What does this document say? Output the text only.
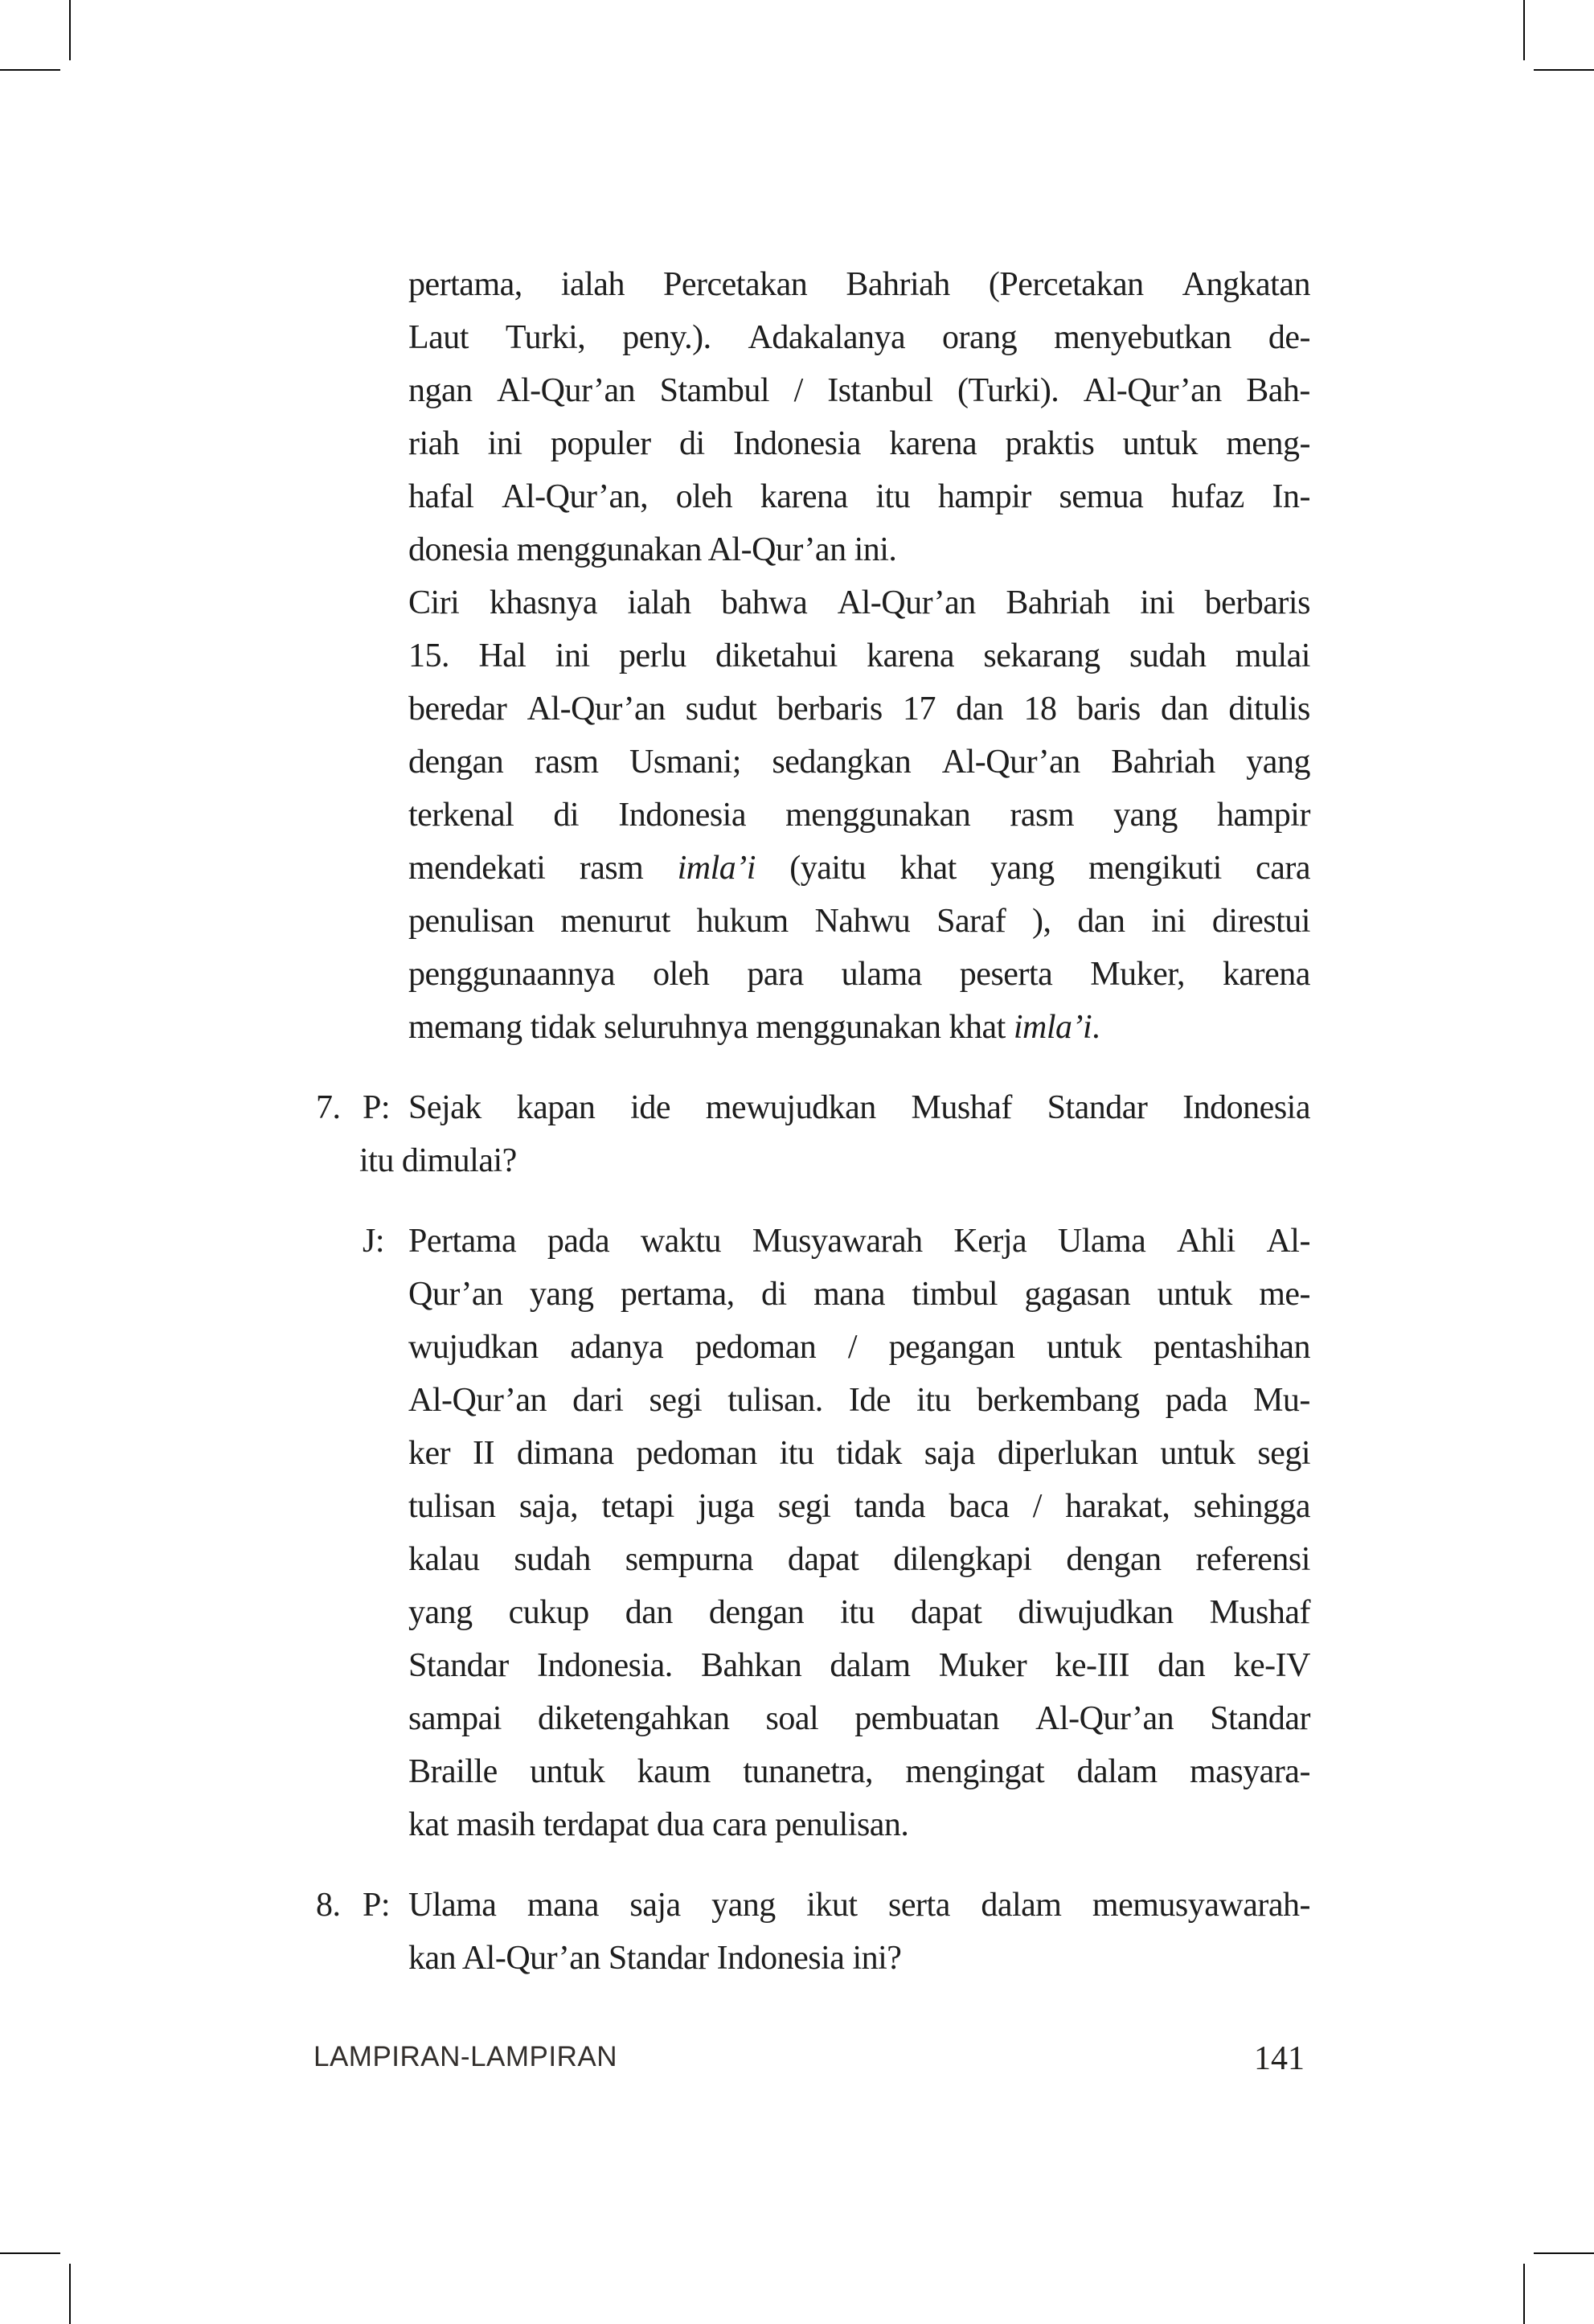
pertama, ialah Percetakan Bahriah (Percetakan Angkatan
Laut Turki, peny.). Adakalanya orang menyebutkan de-
ngan Al-Qur’an Stambul / Istanbul (Turki). Al-Qur’an Bah-
riah ini populer di Indonesia karena praktis untuk meng-
hafal Al-Qur’an, oleh karena itu hampir semua hufaz In-
donesia menggunakan Al-Qur’an ini.
Ciri khasnya ialah bahwa Al-Qur’an Bahriah ini berbaris
15. Hal ini perlu diketahui karena sekarang sudah mulai
beredar Al-Qur’an sudut berbaris 17 dan 18 baris dan ditulis
dengan rasm Usmani; sedangkan Al-Qur’an Bahriah yang
terkenal di Indonesia menggunakan rasm yang hampir
mendekati rasm imla’i (yaitu khat yang mengikuti cara
penulisan menurut hukum Nahwu Saraf ), dan ini direstui
penggunaannya oleh para ulama peserta Muker, karena
memang tidak seluruhnya menggunakan khat imla’i.
7. P: Sejak kapan ide mewujudkan Mushaf Standar Indonesia
itu dimulai?
J: Pertama pada waktu Musyawarah Kerja Ulama Ahli Al-
Qur’an yang pertama, di mana timbul gagasan untuk me-
wujudkan adanya pedoman / pegangan untuk pentashihan
Al-Qur’an dari segi tulisan. Ide itu berkembang pada Mu-
ker II dimana pedoman itu tidak saja diperlukan untuk segi
tulisan saja, tetapi juga segi tanda baca / harakat, sehingga
kalau sudah sempurna dapat dilengkapi dengan referensi
yang cukup dan dengan itu dapat diwujudkan Mushaf
Standar Indonesia. Bahkan dalam Muker ke-III dan ke-IV
sampai diketengahkan soal pembuatan Al-Qur’an Standar
Braille untuk kaum tunanetra, mengingat dalam masyara-
kat masih terdapat dua cara penulisan.
8. P: Ulama mana saja yang ikut serta dalam memusyawarah-
kan Al-Qur’an Standar Indonesia ini?
LAMPIRAN-LAMPIRAN	141
